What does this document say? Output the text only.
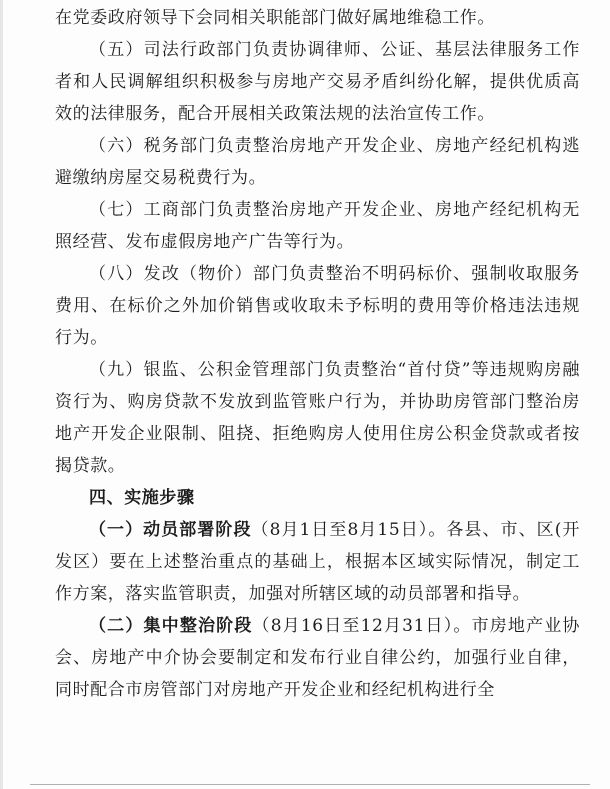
在党委政府领导下会同相关职能部门做好属地维稳工作。

（五）司法行政部门负责协调律师、公证、基层法律服务工作者和人民调解组织积极参与房地产交易矛盾纠纷化解，提供优质高效的法律服务，配合开展相关政策法规的法治宣传工作。

（六）税务部门负责整治房地产开发企业、房地产经纪机构逃避缴纳房屋交易税费行为。

（七）工商部门负责整治房地产开发企业、房地产经纪机构无照经营、发布虚假房地产广告等行为。

（八）发改（物价）部门负责整治不明码标价、强制收取服务费用、在标价之外加价销售或收取未予标明的费用等价格违法违规行为。

（九）银监、公积金管理部门负责整治“首付贷”等违规购房融资行为、购房贷款不发放到监管账户行为，并协助房管部门整治房地产开发企业限制、阻挠、拒绝购房人使用住房公积金贷款或者按揭贷款。

四、实施步骤

（一）动员部署阶段（8月1日至8月15日）。各县、市、区(开发区）要在上述整治重点的基础上，根据本区域实际情况，制定工作方案，落实监管职责，加强对所辖区域的动员部署和指导。

（二）集中整治阶段（8月16日至12月31日）。市房地产业协会、房地产中介协会要制定和发布行业自律公约，加强行业自律，同时配合市房管部门对房地产开发企业和经纪机构进行全
